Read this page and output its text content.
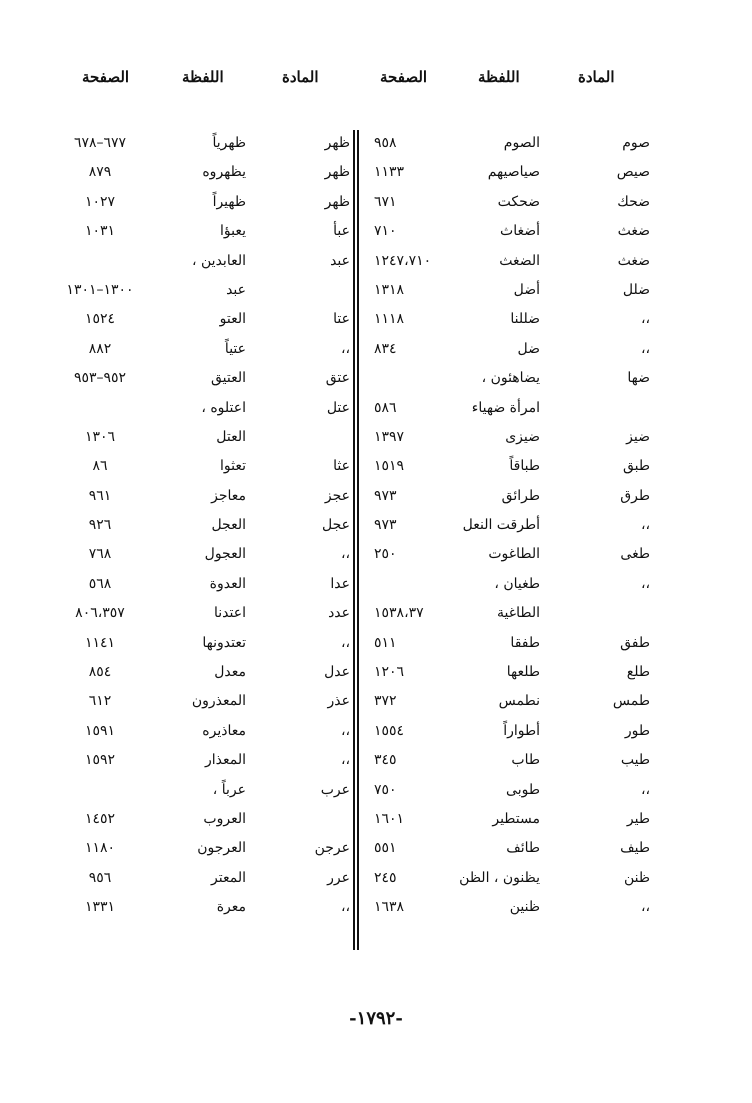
المادة
اللفظة
الصفحة
المادة
اللفظة
الصفحة
صوم
الصوم
٩٥٨
صيص
صياصيهم
١١٣٣
ضحك
ضحكت
٦٧١
ضغث
أضغاث
٧١٠
ضغث
الضغث
١٢٤٧،٧١٠
ضلل
أضل
١٣١٨
،،
ضللنا
١١١٨
،،
ضل
٨٣٤
ضها
يضاهئون ،
امرأة ضهياء
٥٨٦
ضيز
ضيزى
١٣٩٧
طبق
طباقاً
١٥١٩
طرق
طرائق
٩٧٣
،،
أطرقت النعل
٩٧٣
طغى
الطاغوت
٢٥٠
،،
طغيان ،
الطاغية
١٥٣٨،٣٧
طفق
طفقا
٥١١
طلع
طلعها
١٢٠٦
طمس
نطمس
٣٧٢
طور
أطواراً
١٥٥٤
طيب
طاب
٣٤٥
،،
طوبى
٧٥٠
طير
مستطير
١٦٠١
طيف
طائف
٥٥١
ظنن
يظنون ، الظن
٢٤٥
،،
ظنين
١٦٣٨
ظهر
ظهرياً
٦٧٧–٦٧٨
ظهر
يظهروه
٨٧٩
ظهر
ظهيراً
١٠٢٧
عبأ
يعبؤا
١٠٣١
عبد
العابدين ،
عبد
١٣٠٠–١٣٠١
عتا
العتو
١٥٢٤
،،
عتياً
٨٨٢
عتق
العتيق
٩٥٢–٩٥٣
عتل
اعتلوه ،
العتل
١٣٠٦
عثا
تعثوا
٨٦
عجز
معاجز
٩٦١
عجل
العجل
٩٢٦
،،
العجول
٧٦٨
عدا
العدوة
٥٦٨
عدد
اعتدنا
٨٠٦،٣٥٧
،،
تعتدونها
١١٤١
عدل
معدل
٨٥٤
عذر
المعذرون
٦١٢
،،
معاذيره
١٥٩١
،،
المعذار
١٥٩٢
عرب
عرباً ،
العروب
١٤٥٢
عرجن
العرجون
١١٨٠
عرر
المعتر
٩٥٦
،،
معرة
١٣٣١
-١٧٩٢-
